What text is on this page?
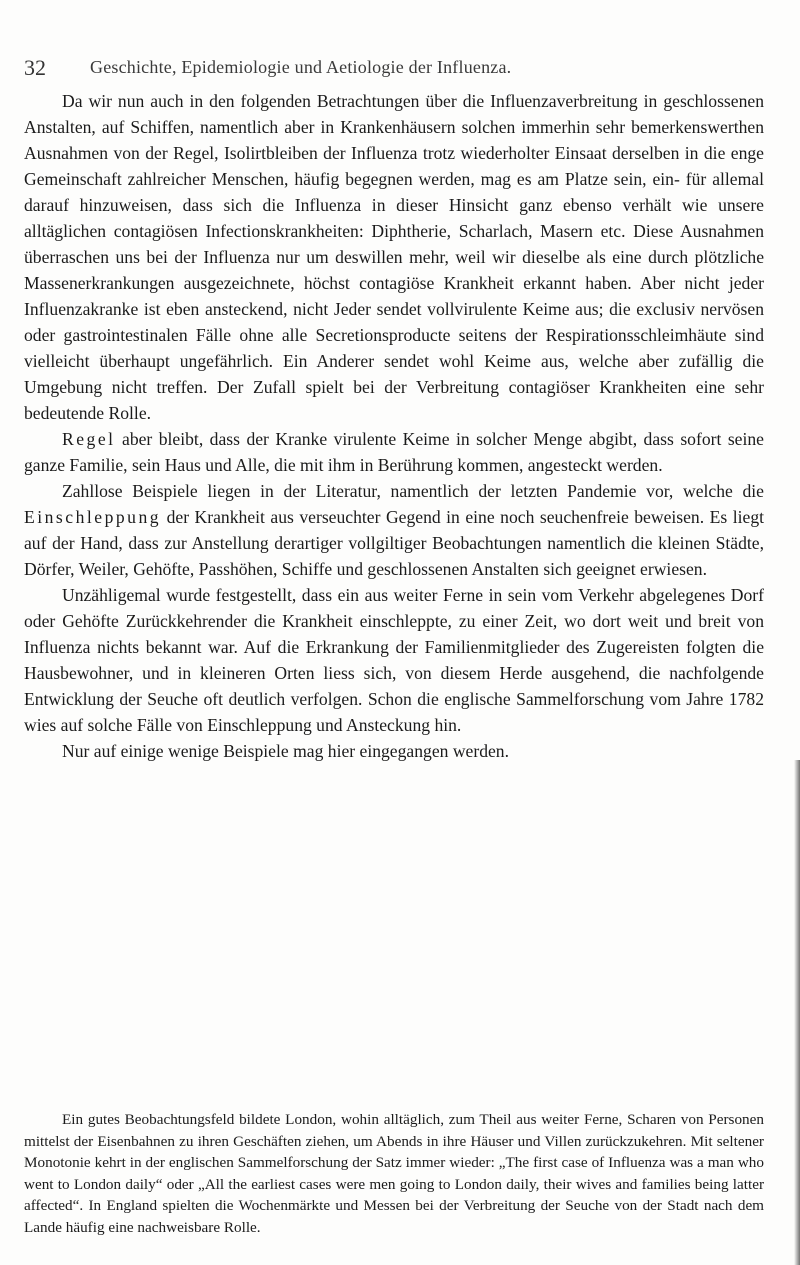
32 Geschichte, Epidemiologie und Aetiologie der Influenza.

Da wir nun auch in den folgenden Betrachtungen über die Influenzaverbreitung in geschlossenen Anstalten, auf Schiffen, namentlich aber in Krankenhäusern solchen immerhin sehr bemerkenswerthen Ausnahmen von der Regel, Isolirtbleiben der Influenza trotz wiederholter Einsaat derselben in die enge Gemeinschaft zahlreicher Menschen, häufig begegnen werden, mag es am Platze sein, ein- für allemal darauf hinzuweisen, dass sich die Influenza in dieser Hinsicht ganz ebenso verhält wie unsere alltäglichen contagiösen Infectionskrankheiten: Diphtherie, Scharlach, Masern etc. Diese Ausnahmen überraschen uns bei der Influenza nur um deswillen mehr, weil wir dieselbe als eine durch plötzliche Massenerkrankungen ausgezeichnete, höchst contagiöse Krankheit erkannt haben. Aber nicht jeder Influenzakranke ist eben ansteckend, nicht Jeder sendet vollvirulente Keime aus; die exclusiv nervösen oder gastrointestinalen Fälle ohne alle Secretionsproducte seitens der Respirationsschleimhäute sind vielleicht überhaupt ungefährlich. Ein Anderer sendet wohl Keime aus, welche aber zufällig die Umgebung nicht treffen. Der Zufall spielt bei der Verbreitung contagiöser Krankheiten eine sehr bedeutende Rolle.

Regel aber bleibt, dass der Kranke virulente Keime in solcher Menge abgibt, dass sofort seine ganze Familie, sein Haus und Alle, die mit ihm in Berührung kommen, angesteckt werden.

Zahllose Beispiele liegen in der Literatur, namentlich der letzten Pandemie vor, welche die Einschleppung der Krankheit aus verseuchter Gegend in eine noch seuchenfreie beweisen. Es liegt auf der Hand, dass zur Anstellung derartiger vollgiltiger Beobachtungen namentlich die kleinen Städte, Dörfer, Weiler, Gehöfte, Passhöhen, Schiffe und geschlossenen Anstalten sich geeignet erwiesen.

Unzähligemal wurde festgestellt, dass ein aus weiter Ferne in sein vom Verkehr abgelegenes Dorf oder Gehöfte Zurückkehrender die Krankheit einschleppte, zu einer Zeit, wo dort weit und breit von Influenza nichts bekannt war. Auf die Erkrankung der Familienmitglieder des Zugereisten folgten die Hausbewohner, und in kleineren Orten liess sich, von diesem Herde ausgehend, die nachfolgende Entwicklung der Seuche oft deutlich verfolgen. Schon die englische Sammelforschung vom Jahre 1782 wies auf solche Fälle von Einschleppung und Ansteckung hin.

Nur auf einige wenige Beispiele mag hier eingegangen werden.

Ein gutes Beobachtungsfeld bildete London, wohin alltäglich, zum Theil aus weiter Ferne, Scharen von Personen mittelst der Eisenbahnen zu ihren Geschäften ziehen, um Abends in ihre Häuser und Villen zurückzukehren. Mit seltener Monotonie kehrt in der englischen Sammelforschung der Satz immer wieder: „The first case of Influenza was a man who went to London daily“ oder „All the earliest cases were men going to London daily, their wives and families being latter affected“. In England spielten die Wochenmärkte und Messen bei der Verbreitung der Seuche von der Stadt nach dem Lande häufig eine nachweisbare Rolle.
